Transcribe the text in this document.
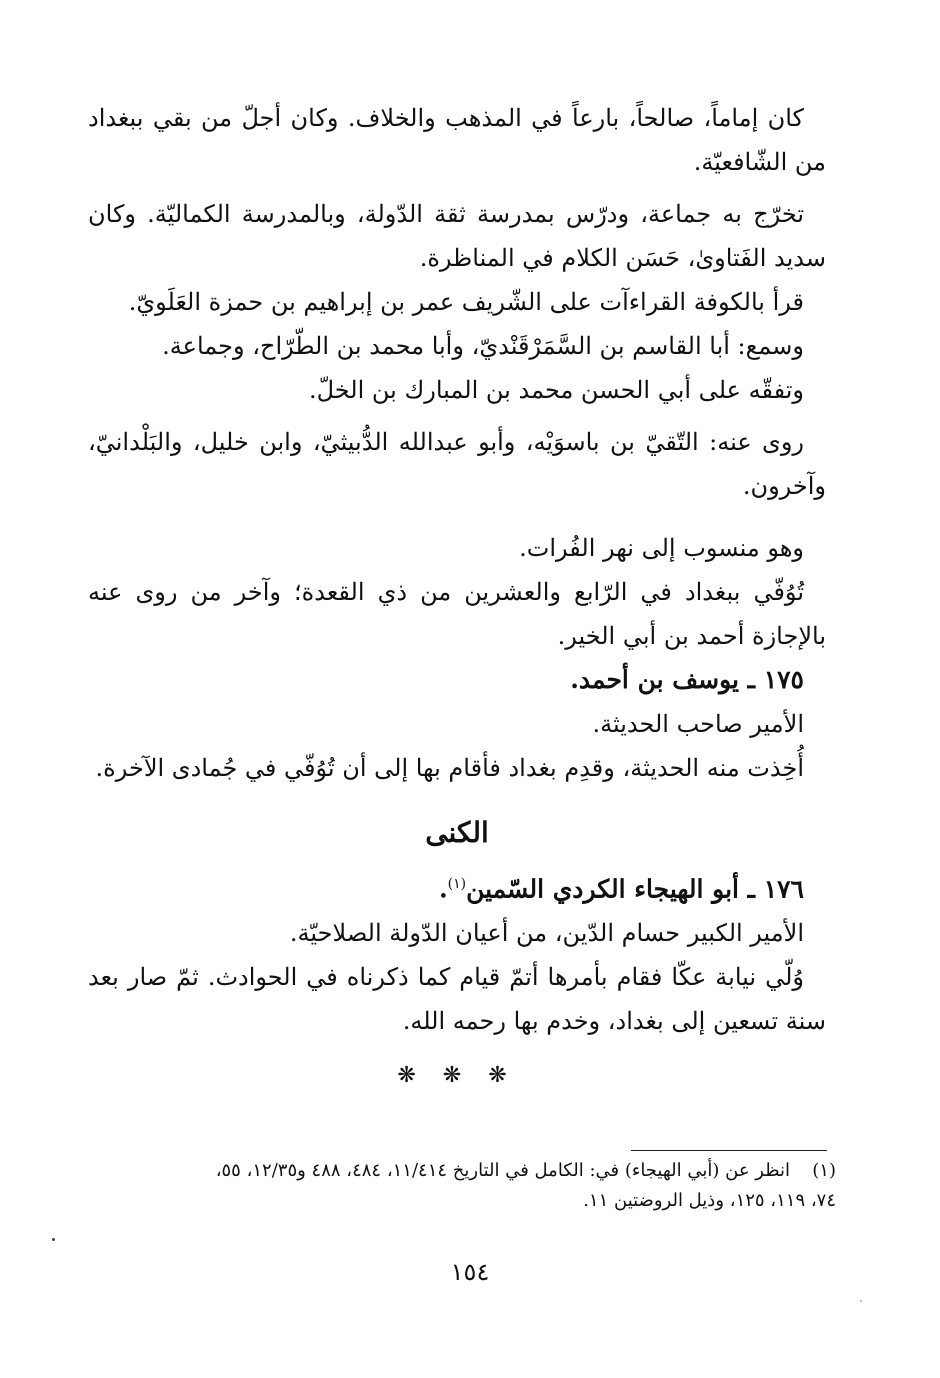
كان إماماً، صالحاً، بارعاً في المذهب والخلاف. وكان أجلّ من بقي ببغداد من الشّافعيّة.

تخرّج به جماعة، ودرّس بمدرسة ثقة الدّولة، وبالمدرسة الكماليّة. وكان سديد الفَتاوىٰ، حَسَن الكلام في المناظرة.

قرأ بالكوفة القراءآت على الشّريف عمر بن إبراهيم بن حمزة العَلَويّ.

وسمع: أبا القاسم بن السَّمَرْقَنْديّ، وأبا محمد بن الطّرّاح، وجماعة.

وتفقّه على أبي الحسن محمد بن المبارك بن الخلّ.

روى عنه: التّقيّ بن باسوَيْه، وأبو عبدالله الدُّبيثيّ، وابن خليل، والبَلْدانيّ، وآخرون.

وهو منسوب إلى نهر الفُرات.

تُوُفّي ببغداد في الرّابع والعشرين من ذي القعدة؛ وآخر من روى عنه بالإجازة أحمد بن أبي الخير.

١٧٥ ـ يوسف بن أحمد.

الأمير صاحب الحديثة.

أُخِذت منه الحديثة، وقدِم بغداد فأقام بها إلى أن تُوُفّي في جُمادى الآخرة.

الكنى

١٧٦ ـ أبو الهيجاء الكردي السّمين$^{(١)}$.

الأمير الكبير حسام الدّين، من أعيان الدّولة الصلاحيّة.

وُلّي نيابة عكّا فقام بأمرها أتمّ قيام كما ذكرناه في الحوادث. ثمّ صار بعد سنة تسعين إلى بغداد، وخدم بها رحمه الله.

❋ ❋ ❋
(١)انظر عن (أبي الهيجاء) في: الكامل في التاريخ ١١/٤١٤، ٤٨٤، ٤٨٨ و١٢/٣٥، ٥٥،
٧٤، ١١٩، ١٢٥، وذيل الروضتين ١١.
١٥٤
